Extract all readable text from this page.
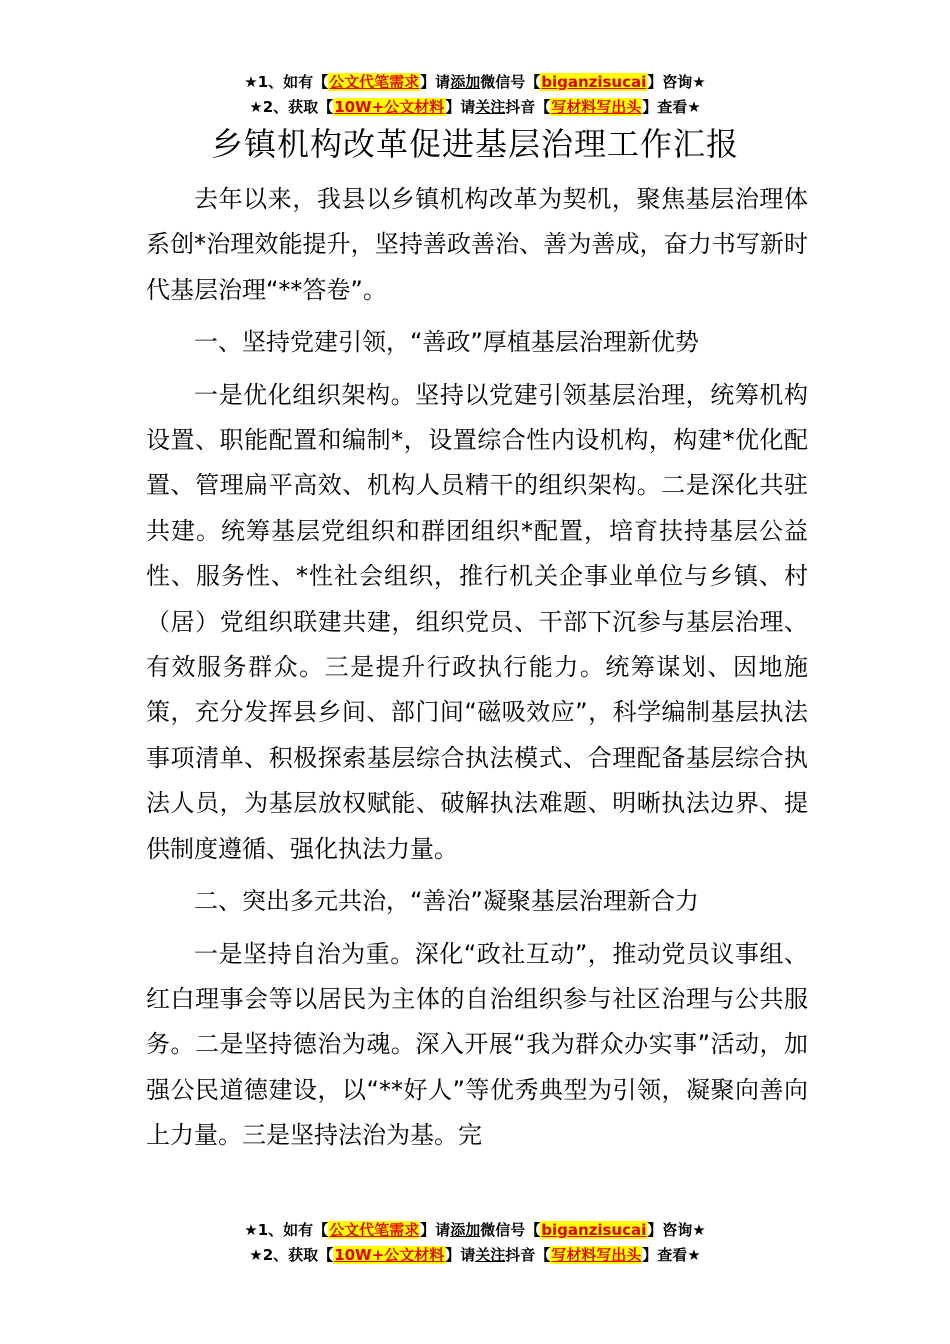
★1、如有【公文代笔需求】请添加微信号【biganzisucai】咨询★
★2、获取【10W+公文材料】请关注抖音【写材料写出头】查看★
乡镇机构改革促进基层治理工作汇报

去年以来，我县以乡镇机构改革为契机，聚焦基层治理体系创*治理效能提升，坚持善政善治、善为善成，奋力书写新时代基层治理“**答卷”。

一、坚持党建引领，“善政”厚植基层治理新优势

一是优化组织架构。坚持以党建引领基层治理，统筹机构设置、职能配置和编制*，设置综合性内设机构，构建*优化配置、管理扁平高效、机构人员精干的组织架构。二是深化共驻共建。统筹基层党组织和群团组织*配置，培育扶持基层公益性、服务性、*性社会组织，推行机关企事业单位与乡镇、村（居）党组织联建共建，组织党员、干部下沉参与基层治理、有效服务群众。三是提升行政执行能力。统筹谋划、因地施策，充分发挥县乡间、部门间“磁吸效应”，科学编制基层执法事项清单、积极探索基层综合执法模式、合理配备基层综合执法人员，为基层放权赋能、破解执法难题、明晰执法边界、提供制度遵循、强化执法力量。

二、突出多元共治，“善治”凝聚基层治理新合力

一是坚持自治为重。深化“政社互动”，推动党员议事组、红白理事会等以居民为主体的自治组织参与社区治理与公共服务。二是坚持德治为魂。深入开展“我为群众办实事”活动，加强公民道德建设，以“**好人”等优秀典型为引领，凝聚向善向上力量。三是坚持法治为基。完

★1、如有【公文代笔需求】请添加微信号【biganzisucai】咨询★
★2、获取【10W+公文材料】请关注抖音【写材料写出头】查看★
